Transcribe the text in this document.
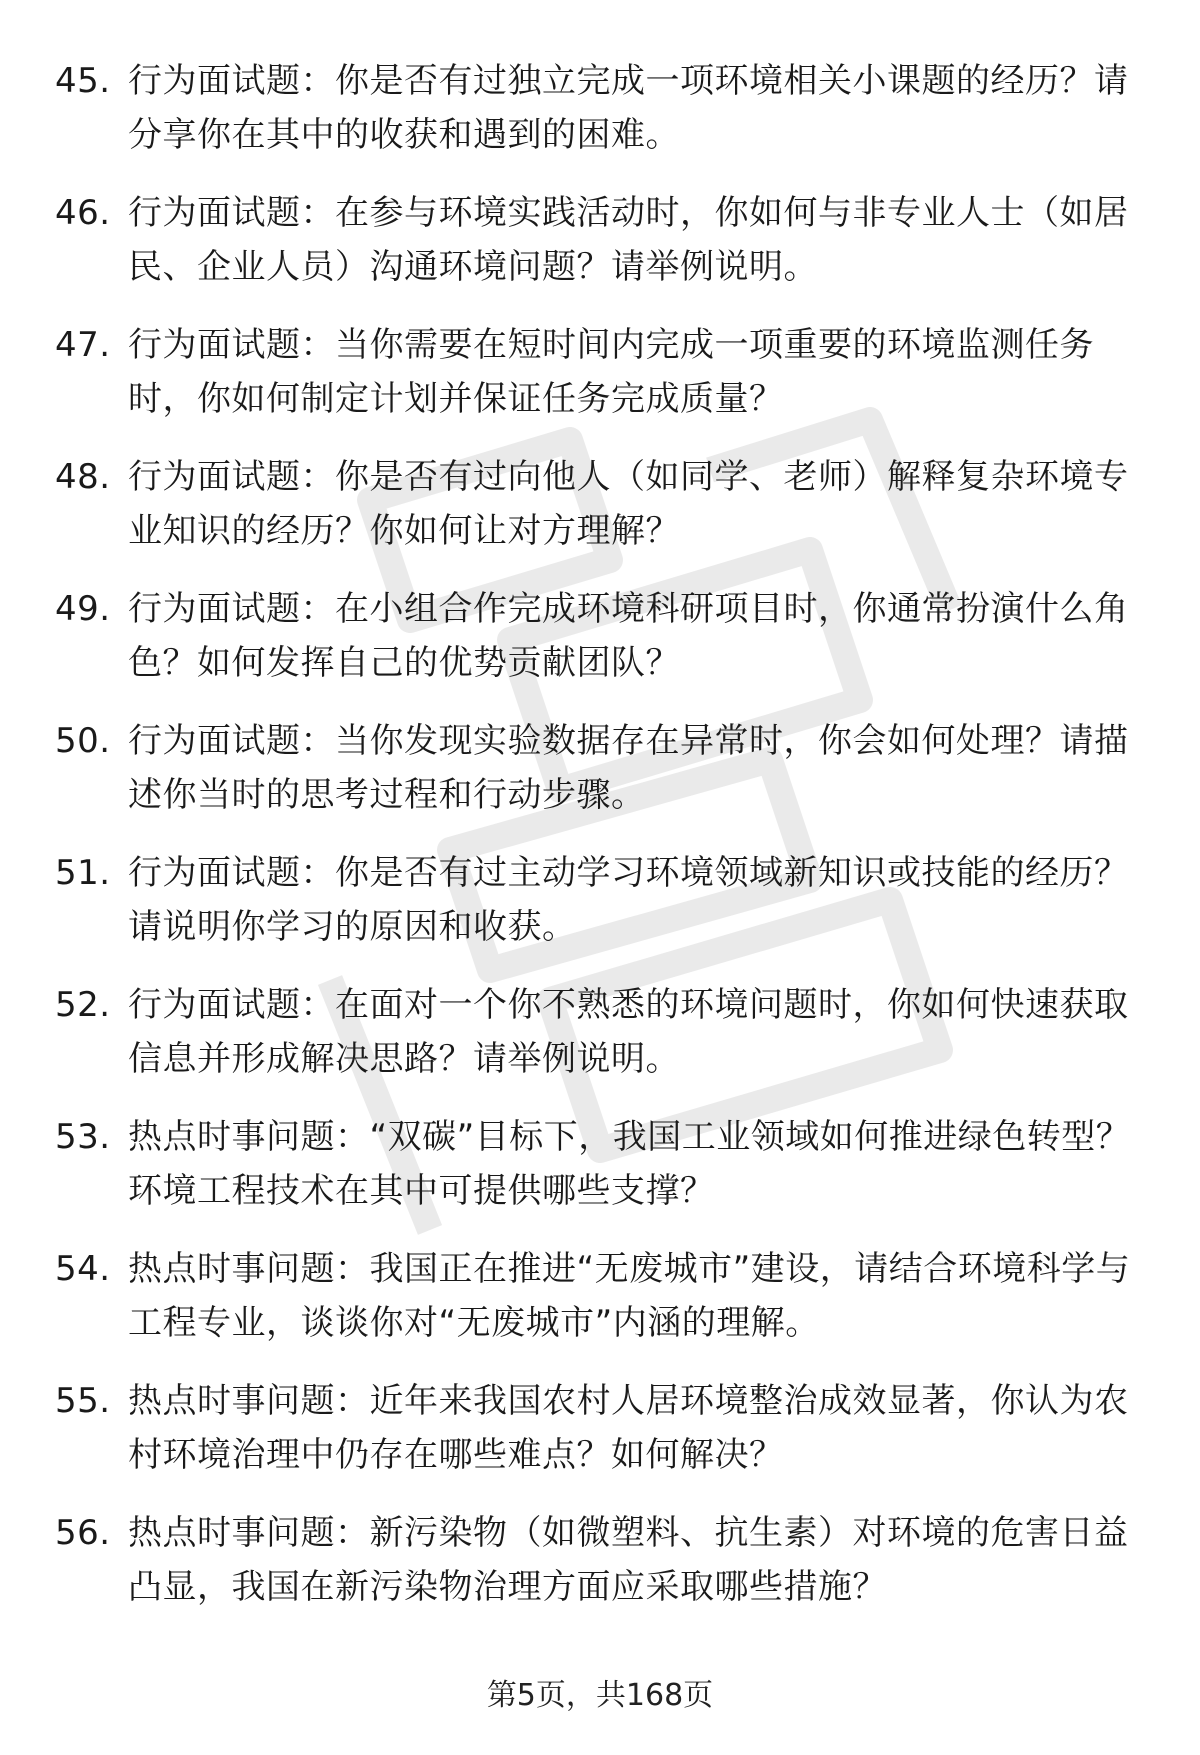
45. 行为面试题：你是否有过独立完成一项环境相关小课题的经历？请分享你在其中的收获和遇到的困难。
46. 行为面试题：在参与环境实践活动时，你如何与非专业人士（如居民、企业人员）沟通环境问题？请举例说明。
47. 行为面试题：当你需要在短时间内完成一项重要的环境监测任务时，你如何制定计划并保证任务完成质量？
48. 行为面试题：你是否有过向他人（如同学、老师）解释复杂环境专业知识的经历？你如何让对方理解？
49. 行为面试题：在小组合作完成环境科研项目时，你通常扮演什么角色？如何发挥自己的优势贡献团队？
50. 行为面试题：当你发现实验数据存在异常时，你会如何处理？请描述你当时的思考过程和行动步骤。
51. 行为面试题：你是否有过主动学习环境领域新知识或技能的经历？请说明你学习的原因和收获。
52. 行为面试题：在面对一个你不熟悉的环境问题时，你如何快速获取信息并形成解决思路？请举例说明。
53. 热点时事问题：“双碳”目标下，我国工业领域如何推进绿色转型？环境工程技术在其中可提供哪些支撑？
54. 热点时事问题：我国正在推进“无废城市”建设，请结合环境科学与工程专业，谈谈你对“无废城市”内涵的理解。
55. 热点时事问题：近年来我国农村人居环境整治成效显著，你认为农村环境治理中仍存在哪些难点？如何解决？
56. 热点时事问题：新污染物（如微塑料、抗生素）对环境的危害日益凸显，我国在新污染物治理方面应采取哪些措施？
第5页，共168页
